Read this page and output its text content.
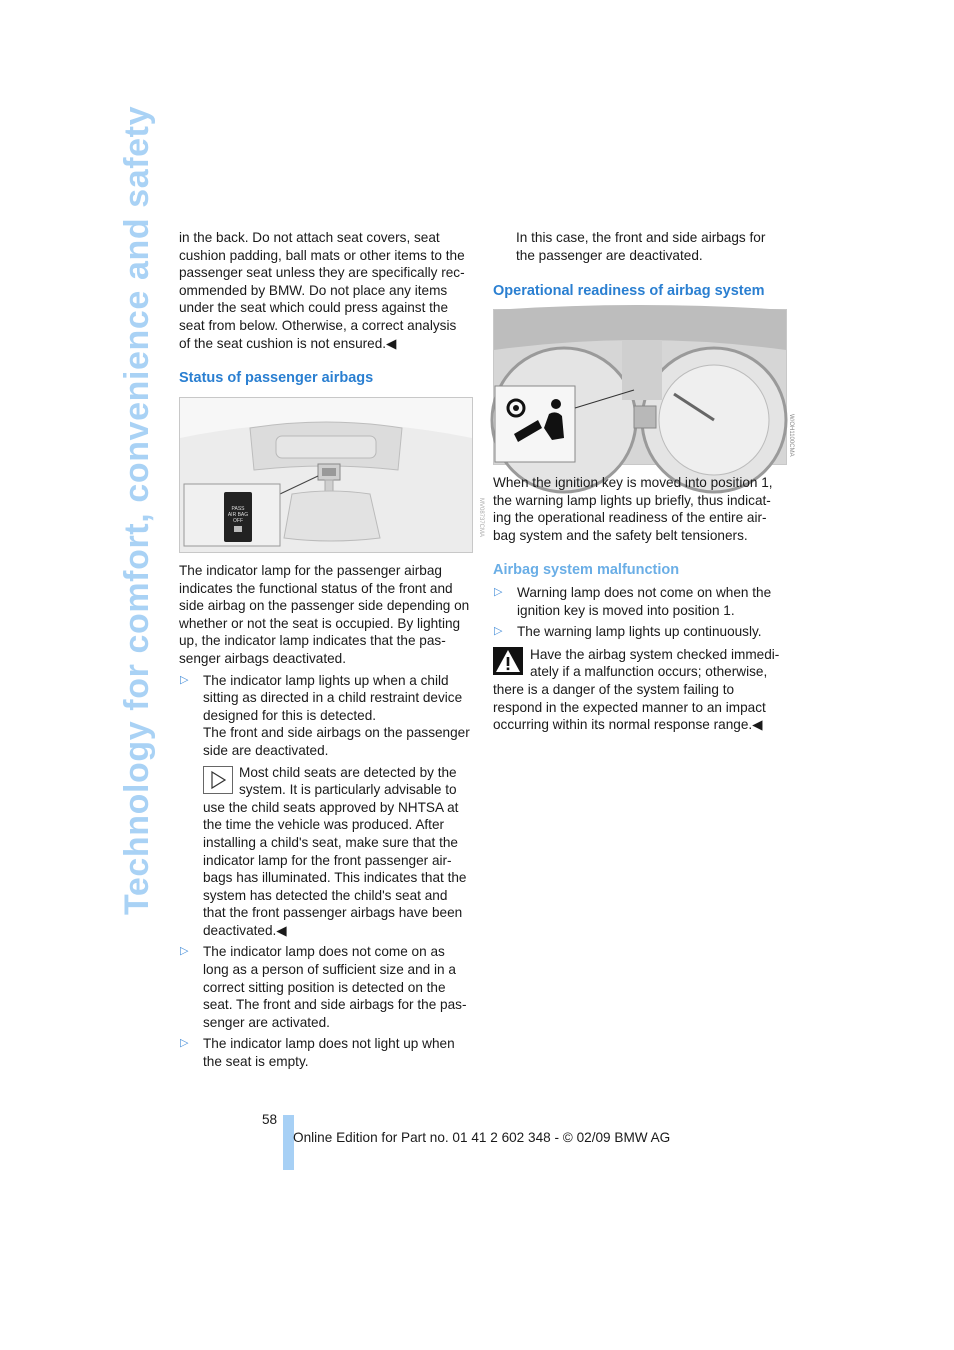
Technology for comfort, convenience and safety in the back. Do not attach seat covers, seat cushion padding, ball mats or other items to the passenger seat unless they are specifically rec-ommended by BMW. Do not place any items under the seat which could press against the seat from below. Otherwise, a correct analysis of the seat cushion is not ensured.◀

Status of passenger airbags

PASS
AIR BAG
OFF	MV08737CMA

The indicator lamp for the passenger airbag indicates the functional status of the front and side airbag on the passenger side depending on whether or not the seat is occupied. By lighting up, the indicator lamp indicates that the pas-senger airbags deactivated.

▷ The indicator lamp lights up when a child sitting as directed in a child restraint device designed for this is detected.

The front and side airbags on the passenger side are deactivated.

Most child seats are detected by the system. It is particularly advisable to use the child seats approved by NHTSA at the time the vehicle was produced. After installing a child's seat, make sure that the indicator lamp for the front passenger air-bags has illuminated. This indicates that the system has detected the child's seat and that the front passenger airbags have been deactivated.◀

▷ The indicator lamp does not come on as long as a person of sufficient size and in a correct sitting position is detected on the seat. The front and side airbags for the pas-senger are activated.

▷ The indicator lamp does not light up when the seat is empty.

In this case, the front and side airbags for the passenger are deactivated.

Operational readiness of airbag system

W/OH1100CMA

When the ignition key is moved into position 1, the warning lamp lights up briefly, thus indicat-ing the operational readiness of the entire air-bag system and the safety belt tensioners.

Airbag system malfunction

▷ Warning lamp does not come on when the ignition key is moved into position 1.

▷ The warning lamp lights up continuously.

Have the airbag system checked immedi-ately if a malfunction occurs; otherwise, there is a danger of the system failing to respond in the expected manner to an impact occurring within its normal response range.◀

58
Online Edition for Part no. 01 41 2 602 348 - © 02/09 BMW AG
